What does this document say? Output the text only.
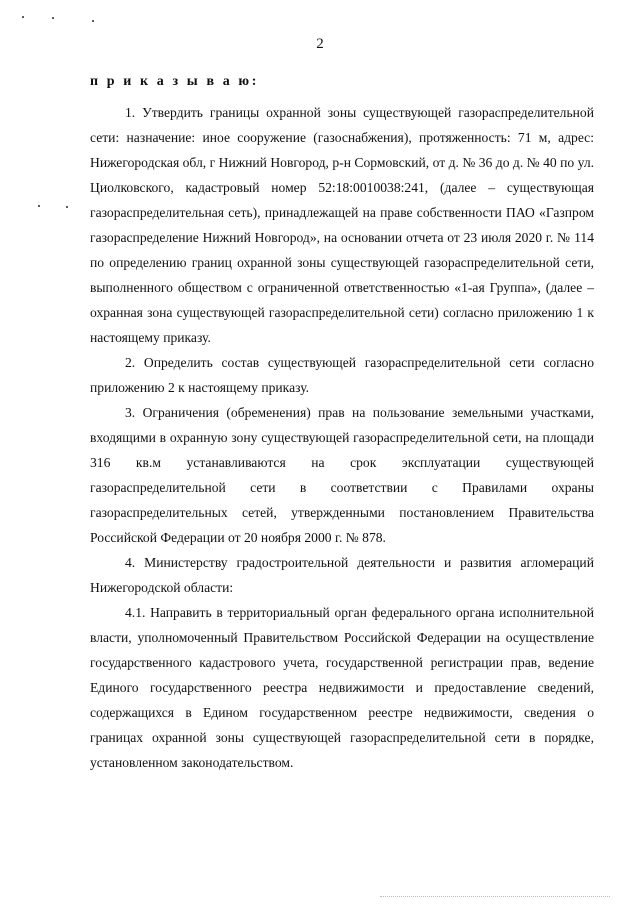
2
п р и к а з ы в а ю:

1. Утвердить границы охранной зоны существующей газораспределительной сети: назначение: иное сооружение (газоснабжения), протяженность: 71 м, адрес: Нижегородская обл, г Нижний Новгород, р-н Сормовский, от д. № 36 до д. № 40 по ул. Циолковского, кадастровый номер 52:18:0010038:241, (далее – существующая газораспределительная сеть), принадлежащей на праве собственности ПАО «Газпром газораспределение Нижний Новгород», на основании отчета от 23 июля 2020 г. № 114 по определению границ охранной зоны существующей газораспределительной сети, выполненного обществом с ограниченной ответственностью «1-ая Группа», (далее – охранная зона существующей газораспределительной сети) согласно приложению 1 к настоящему приказу.

2. Определить состав существующей газораспределительной сети согласно приложению 2 к настоящему приказу.

3. Ограничения (обременения) прав на пользование земельными участками, входящими в охранную зону существующей газораспределительной сети, на площади 316 кв.м устанавливаются на срок эксплуатации существующей газораспределительной сети в соответствии с Правилами охраны газораспределительных сетей, утвержденными постановлением Правительства Российской Федерации от 20 ноября 2000 г. № 878.

4. Министерству градостроительной деятельности и развития агломераций Нижегородской области:

4.1. Направить в территориальный орган федерального органа исполнительной власти, уполномоченный Правительством Российской Федерации на осуществление государственного кадастрового учета, государственной регистрации прав, ведение Единого государственного реестра недвижимости и предоставление сведений, содержащихся в Едином государственном реестре недвижимости, сведения о границах охранной зоны существующей газораспределительной сети в порядке, установленном законодательством.
